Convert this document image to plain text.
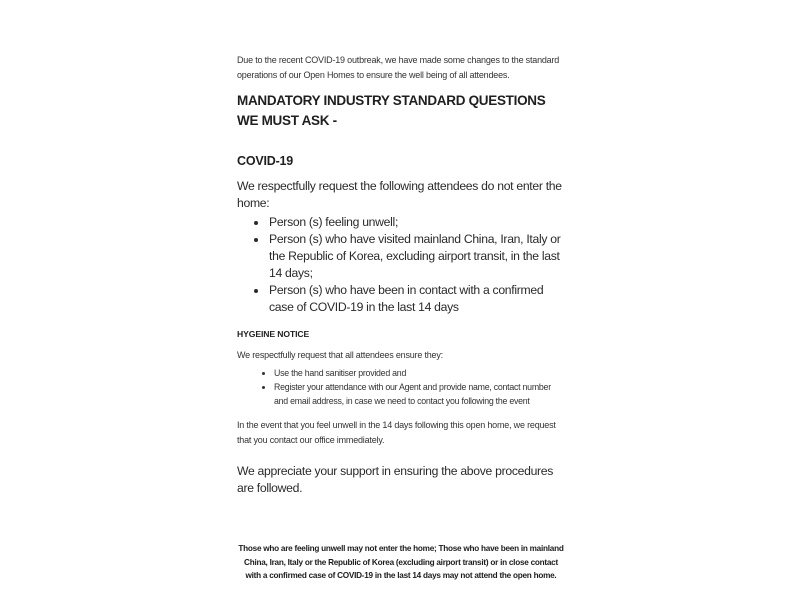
Due to the recent COVID-19 outbreak, we have made some changes to the standard operations of our Open Homes to ensure the well being of all attendees.

MANDATORY INDUSTRY STANDARD QUESTIONS WE MUST ASK -
COVID-19

We respectfully request the following attendees do not enter the home:

• Person (s) feeling unwell;
• Person (s) who have visited mainland China, Iran, Italy or the Republic of Korea, excluding airport transit, in the last 14 days;
• Person (s) who have been in contact with a confirmed case of COVID-19 in the last 14 days
HYGEINE NOTICE

We respectfully request that all attendees ensure they:

• Use the hand sanitiser provided and
• Register your attendance with our Agent and provide name, contact number and email address, in case we need to contact you following the event

In the event that you feel unwell in the 14 days following this open home, we request that you contact our office immediately.

We appreciate your support in ensuring the above procedures are followed.

Those who are feeling unwell may not enter the home; Those who have been in mainland China, Iran, Italy or the Republic of Korea (excluding airport transit) or in close contact with a confirmed case of COVID-19 in the last 14 days may not attend the open home.
